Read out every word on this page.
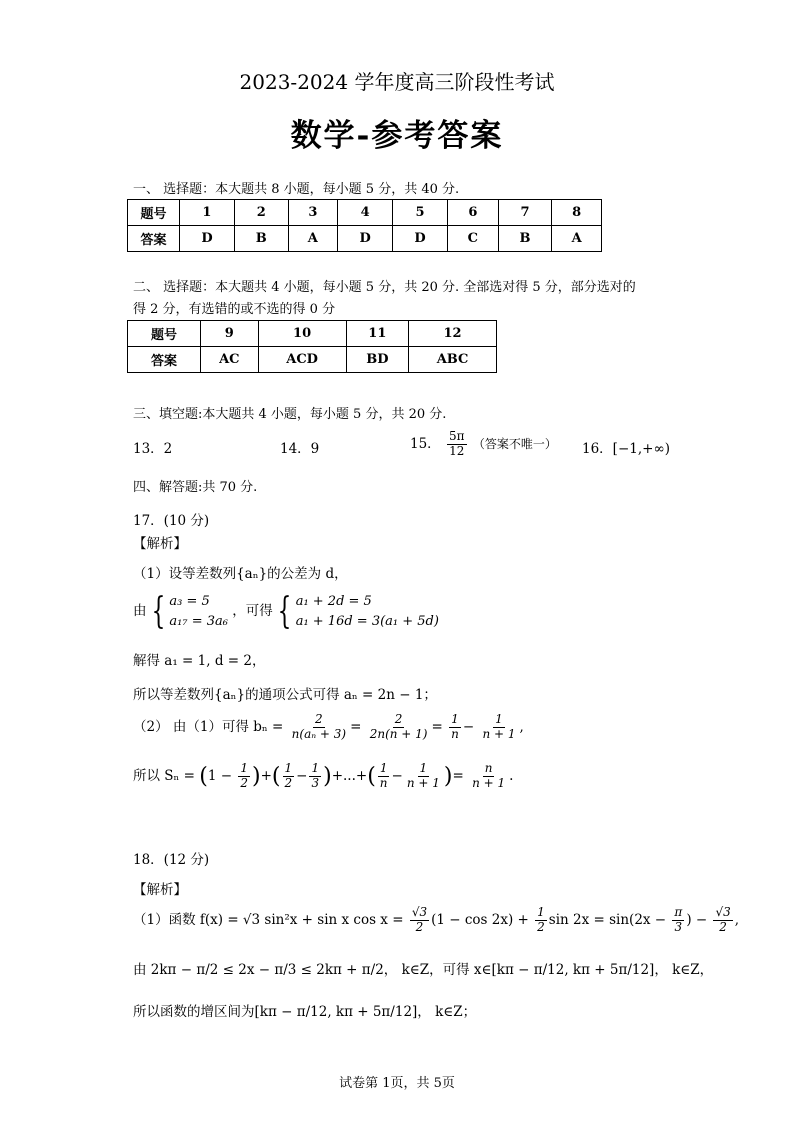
2023-2024 学年度高三阶段性考试
数学-参考答案
一、 选择题：本大题共 8 小题，每小题 5 分，共 40 分.
题号	1	2	3	4	5	6	7	8
答案	D	B	A	D	D	C	B	A
二、 选择题：本大题共 4 小题，每小题 5 分，共 20 分. 全部选对得 5 分，部分选对的
得 2 分，有选错的或不选的得 0 分
题号	9	10	11	12
答案	AC	ACD	BD	ABC
三、填空题:本大题共 4 小题，每小题 5 分，共 20 分.
13．2	14．9	15． $\frac{5\pi}{12}$ （答案不唯一） 16．[−1,+∞)
四、解答题:共 70 分.
17．(10 分)
【解析】
（1）设等差数列{aₙ}的公差为 d，
由 { a₃ = 5
a₁₇ = 3a₆
，可得 { a₁ + 2d = 5
a₁ + 16d = 3(a₁ + 5d)
解得 a₁ = 1, d = 2，
所以等差数列{aₙ}的通项公式可得 aₙ = 2n − 1；
（2） 由（1）可得 $b_n = \frac{2}{\text{n(aₙ + 3)}} = \frac{2}{2n(n + 1)} = \frac{1}{n} - \frac{1}{n + 1}$ ,
所以 $S_n = (1 - \frac{1}{2}$ )+( $\frac{1}{2} - \frac{1}{3}$ )+...+( $\frac{1}{n} - \frac{1}{n + 1}$ )= $\frac{n}{n + 1}$ .
18．(12 分)
【解析】
（1）函数 f(x) = √3 sin²x + sin x $\cos x = \frac{√3}{2} (1 - \cos 2x) + \frac{1}{2}$ $\sin 2x = \sin(2x - \frac{\pi}{3}$ ) − $\frac{√3}{2}$ ,
由 2kπ − π/2 ≤ 2x − π/3 ≤ 2kπ + π/2， k∈Z，可得 x∈[kπ − π/12, kπ + 5π/12]， k∈Z，
所以函数的增区间为[kπ − π/12, kπ + 5π/12]， k∈Z；
试卷第 1页，共 5页
